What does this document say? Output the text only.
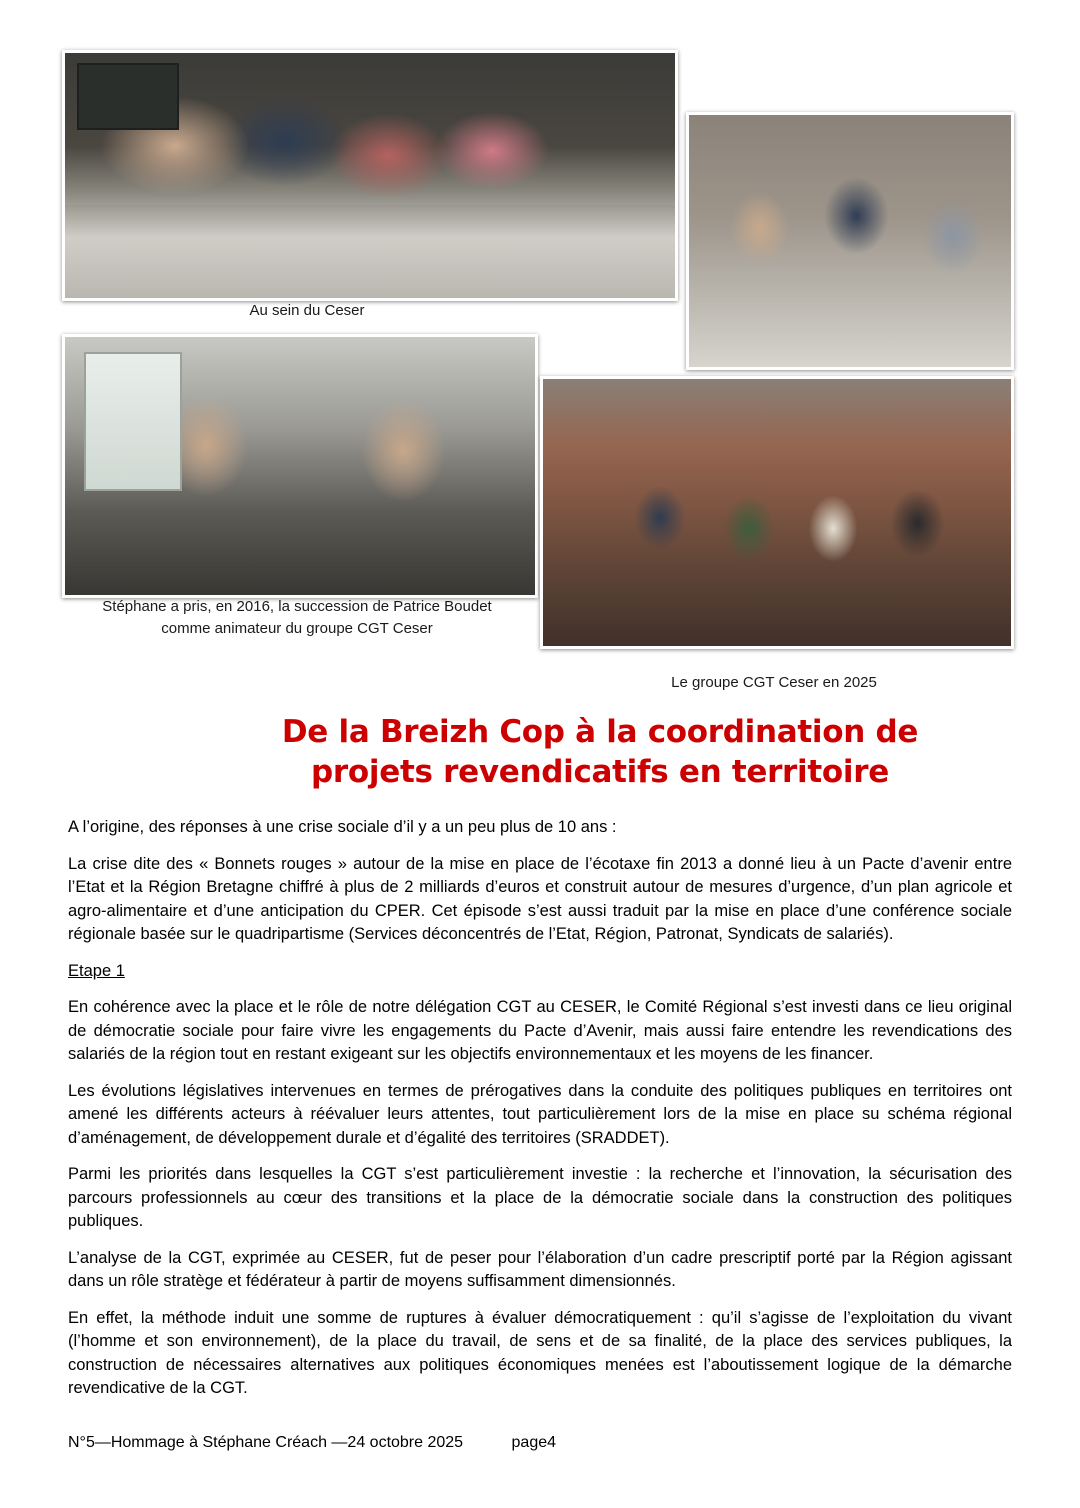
Au sein du Ceser
Stéphane a pris, en 2016, la succession de Patrice Boudet
comme animateur du groupe CGT Ceser
Le groupe CGT Ceser en 2025
De la Breizh Cop à la coordination de
projets revendicatifs en territoire

A l’origine, des réponses à une crise sociale d’il y a un peu plus de 10 ans :

La crise dite des « Bonnets rouges » autour de la mise en place de l’écotaxe fin 2013 a donné lieu à un Pacte d’avenir entre l’Etat et la Région Bretagne chiffré à plus de 2 milliards d’euros et construit autour de mesures d’urgence, d’un plan agricole et agro-alimentaire et d’une anticipation du CPER. Cet épisode s’est aussi traduit par la mise en place d’une conférence sociale régionale basée sur le quadripartisme (Services déconcentrés de l’Etat, Région, Patronat, Syndicats de salariés).

Etape 1

En cohérence avec la place et le rôle de notre délégation CGT au CESER, le Comité Régional s’est investi dans ce lieu original de démocratie sociale pour faire vivre les engagements du Pacte d’Avenir, mais aussi faire entendre les revendications des salariés de la région tout en restant exigeant sur les objectifs environnementaux et les moyens de les financer.

Les évolutions législatives intervenues en termes de prérogatives dans la conduite des politiques publiques en territoires ont amené les différents acteurs à réévaluer leurs attentes, tout particulièrement lors de la mise en place su schéma régional d’aménagement, de développement durale et d’égalité des territoires (SRADDET).

Parmi les priorités dans lesquelles la CGT s’est particulièrement investie : la recherche et l’innovation, la sécurisation des parcours professionnels au cœur des transitions et la place de la démocratie sociale dans la construction des politiques publiques.

L’analyse de la CGT, exprimée au CESER, fut de peser pour l’élaboration d’un cadre prescriptif porté par la Région agissant dans un rôle stratège et fédérateur à partir de moyens suffisamment dimensionnés.

En effet, la méthode induit une somme de ruptures à évaluer démocratiquement : qu’il s’agisse de l’exploitation du vivant (l’homme et son environnement), de la place du travail, de sens et de sa finalité, de la place des services publiques, la construction de nécessaires alternatives aux politiques économiques menées est l’aboutissement logique de la démarche revendicative de la CGT.

N°5—Hommage à Stéphane Créach —24 octobre 2025	page4
